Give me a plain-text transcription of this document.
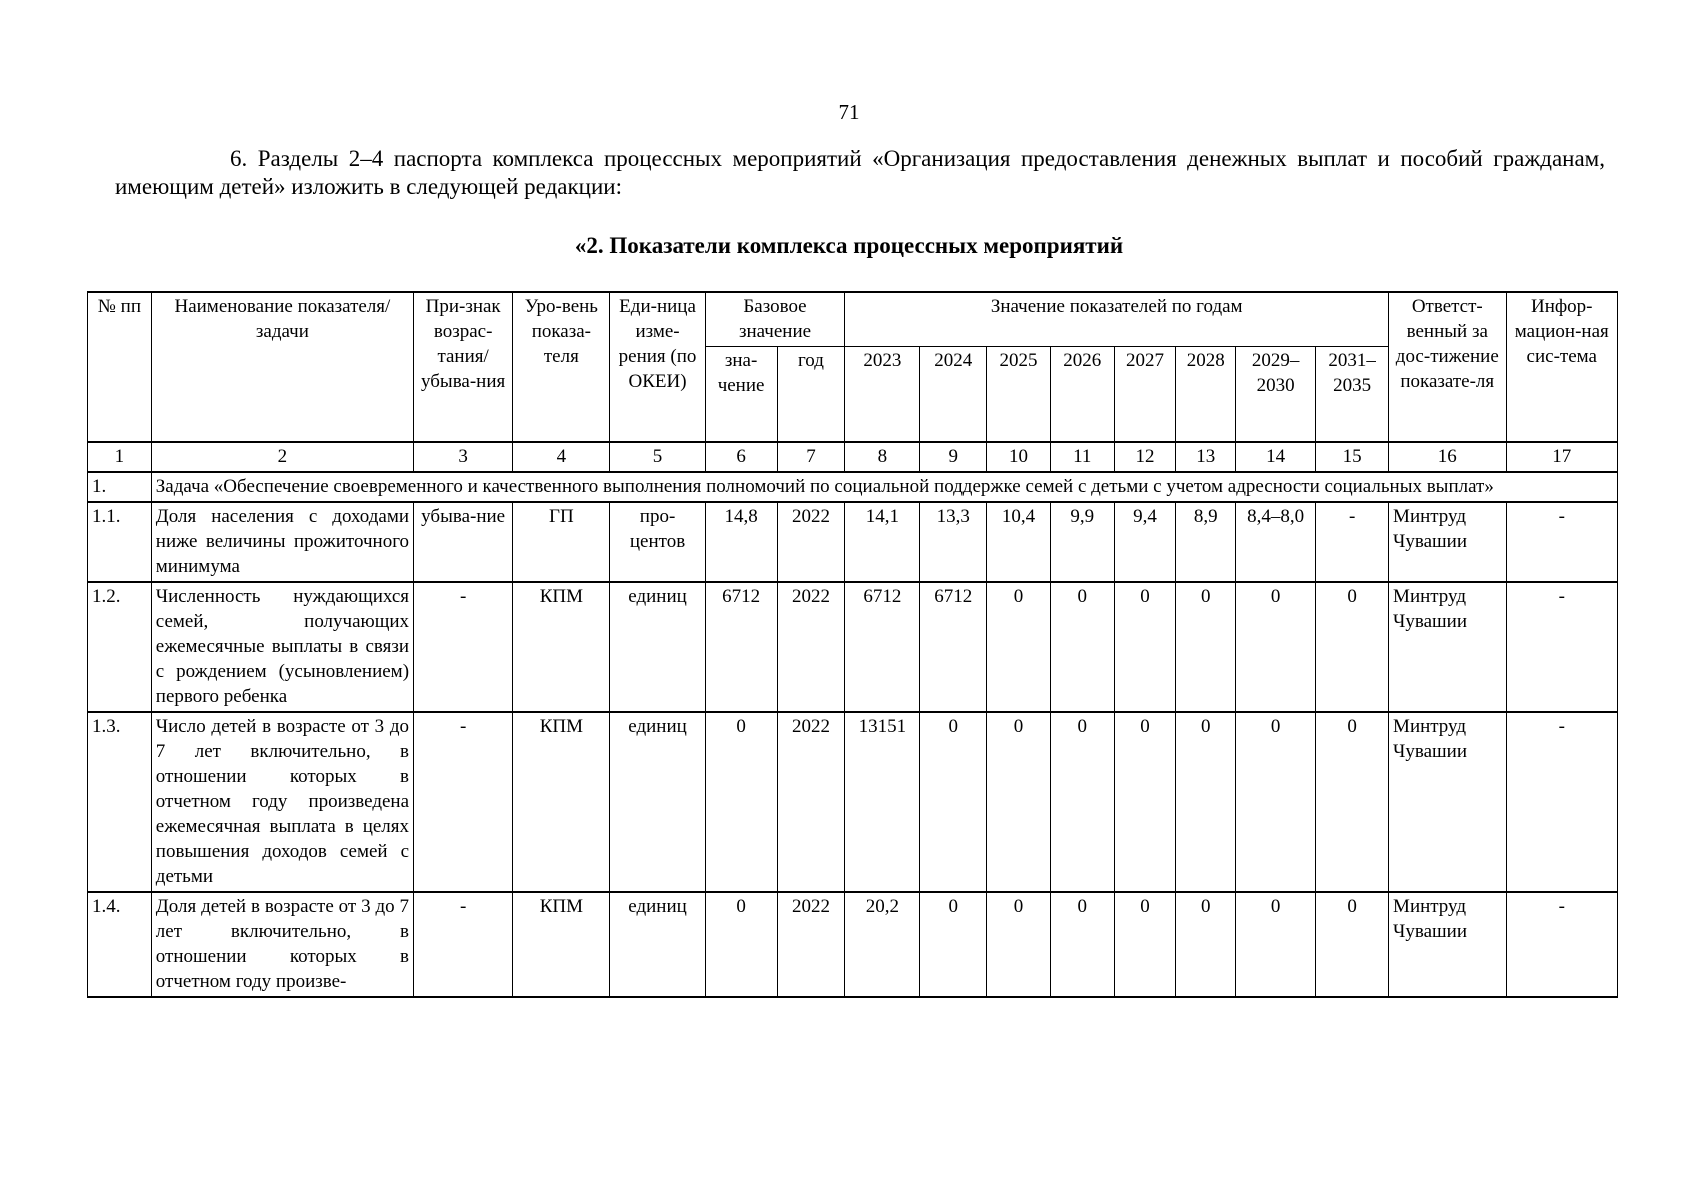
71
6. Разделы 2–4 паспорта комплекса процессных мероприятий «Организация предоставления денежных выплат и пособий гражданам, имеющим детей» изложить в следующей редакции:
«2. Показатели комплекса процессных мероприятий
№ пп	Наименование показателя/задачи	При-знак возрас-тания/ убыва-ния	Уро-вень показа-теля	Еди-ница изме-рения (по ОКЕИ)	Базовое значение		Значение показателей по годам								Ответст-венный за дос-тижение показате-ля	Инфор-мацион-ная сис-тема
					зна-чение	год	2023	2024	2025	2026	2027	2028	2029–2030	2031–2035		
1	2	3	4	5	6	7	8	9	10	11	12	13	14	15	16	17
1.	Задача «Обеспечение своевременного и качественного выполнения полномочий по социальной поддержке семей с детьми с учетом адресности социальных выплат»															
1.1.	Доля населения с доходами ниже величины прожиточного минимума	убыва-ние	ГП	про-центов	14,8	2022	14,1	13,3	10,4	9,9	9,4	8,9	8,4–8,0	-	Минтруд Чувашии	-
1.2.	Численность нуждающихся семей, получающих ежемесячные выплаты в связи с рождением (усыновлением) первого ребенка	-	КПМ	единиц	6712	2022	6712	6712	0	0	0	0	0	0	Минтруд Чувашии	-
1.3.	Число детей в возрасте от 3 до 7 лет включительно, в отношении которых в отчетном году произведена ежемесячная выплата в целях повышения доходов семей с детьми	-	КПМ	единиц	0	2022	13151	0	0	0	0	0	0	0	Минтруд Чувашии	-
1.4.	Доля детей в возрасте от 3 до 7 лет включительно, в отношении которых в отчетном году произве-	-	КПМ	единиц	0	2022	20,2	0	0	0	0	0	0	0	Минтруд Чувашии	-
